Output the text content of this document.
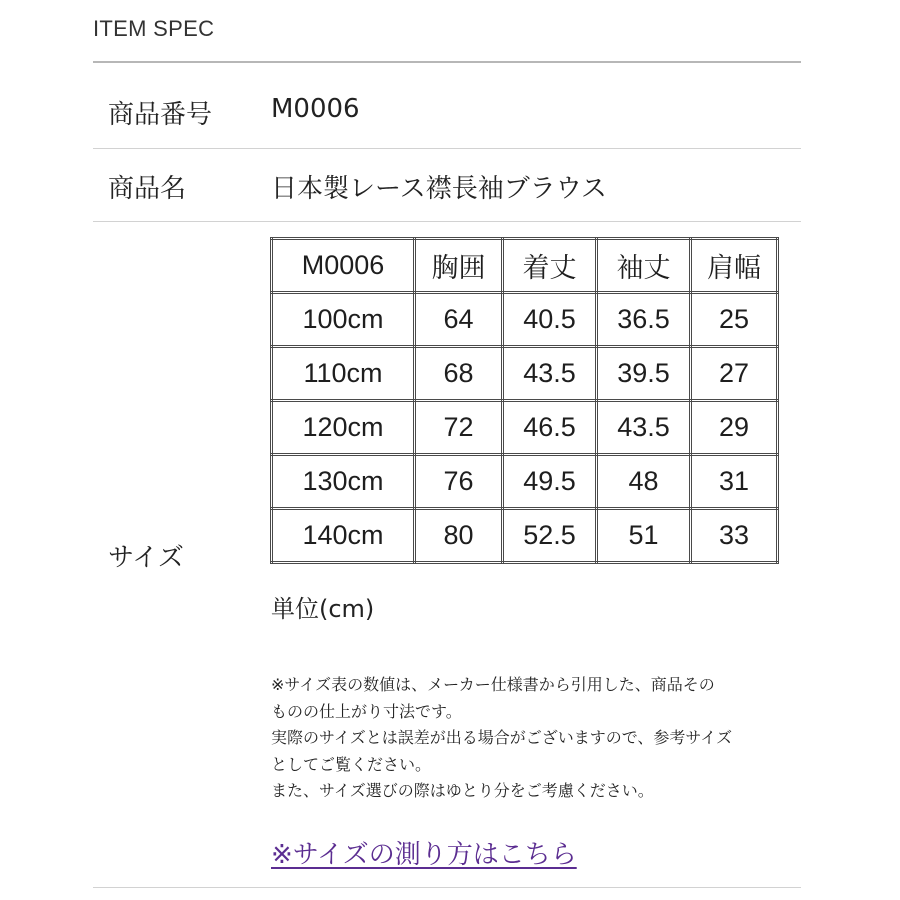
ITEM SPEC
商品番号 M0006
商品名	日本製レース襟長袖ブラウス
サイズ
M0006	胸囲	着丈	袖丈	肩幅
100cm	64	40.5	36.5	25
110cm	68	43.5	39.5	27
120cm	72	46.5	43.5	29
130cm	76	49.5	48	31
140cm	80	52.5	51	33
単位(cm)
※サイズ表の数値は、メーカー仕様書から引用した、商品その
ものの仕上がり寸法です。
実際のサイズとは誤差が出る場合がございますので、参考サイズ
としてご覧ください。
また、サイズ選びの際はゆとり分をご考慮ください。
※サイズの測り方はこちら
